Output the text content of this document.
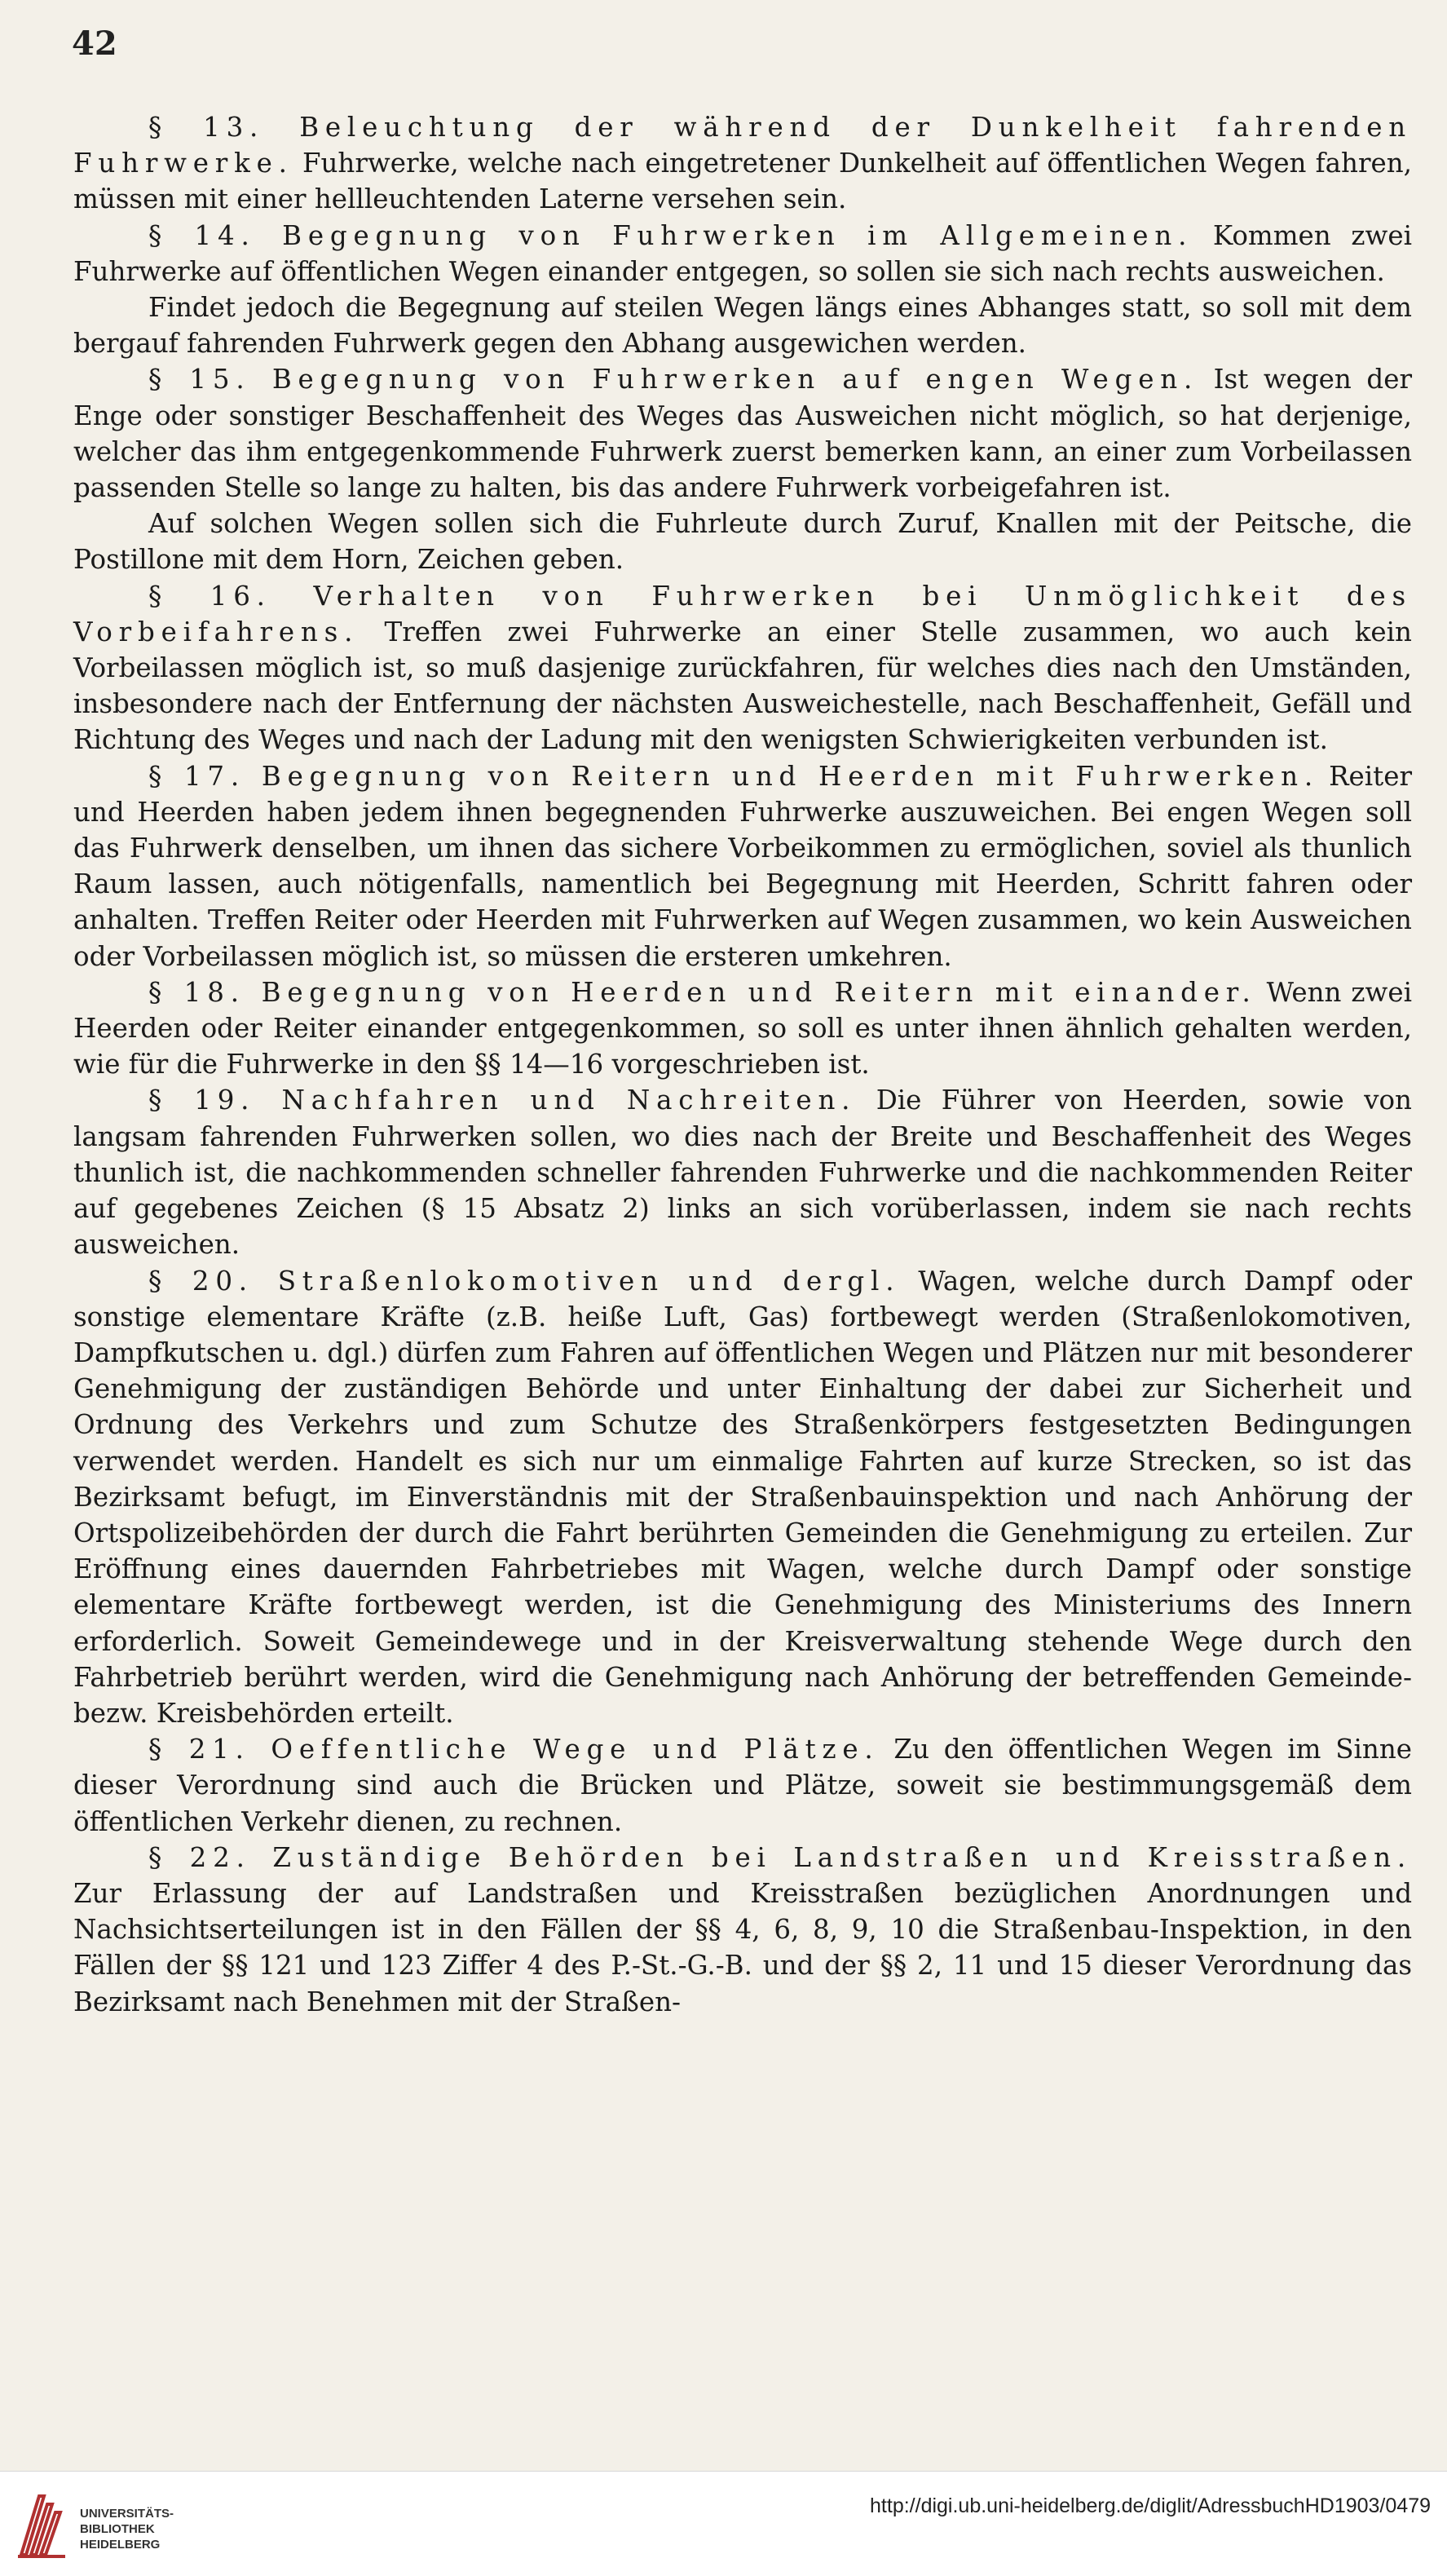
42

§ 13. Beleuchtung der während der Dunkelheit fahrenden Fuhrwerke. Fuhrwerke, welche nach eingetretener Dunkelheit auf öffentlichen Wegen fahren, müssen mit einer hellleuchtenden Laterne versehen sein.

§ 14. Begegnung von Fuhrwerken im Allgemeinen. Kommen zwei Fuhrwerke auf öffentlichen Wegen einander entgegen, so sollen sie sich nach rechts ausweichen.

Findet jedoch die Begegnung auf steilen Wegen längs eines Abhanges statt, so soll mit dem bergauf fahrenden Fuhrwerk gegen den Abhang ausgewichen werden.

§ 15. Begegnung von Fuhrwerken auf engen Wegen. Ist wegen der Enge oder sonstiger Beschaffenheit des Weges das Ausweichen nicht möglich, so hat derjenige, welcher das ihm entgegenkommende Fuhrwerk zuerst bemerken kann, an einer zum Vorbeilassen passenden Stelle so lange zu halten, bis das andere Fuhrwerk vorbeigefahren ist.

Auf solchen Wegen sollen sich die Fuhrleute durch Zuruf, Knallen mit der Peitsche, die Postillone mit dem Horn, Zeichen geben.

§ 16. Verhalten von Fuhrwerken bei Unmöglichkeit des Vorbeifahrens. Treffen zwei Fuhrwerke an einer Stelle zusammen, wo auch kein Vorbeilassen möglich ist, so muß dasjenige zurückfahren, für welches dies nach den Umständen, insbesondere nach der Entfernung der nächsten Ausweichestelle, nach Beschaffenheit, Gefäll und Richtung des Weges und nach der Ladung mit den wenigsten Schwierigkeiten verbunden ist.

§ 17. Begegnung von Reitern und Heerden mit Fuhrwerken. Reiter und Heerden haben jedem ihnen begegnenden Fuhrwerke auszuweichen. Bei engen Wegen soll das Fuhrwerk denselben, um ihnen das sichere Vorbeikommen zu ermöglichen, soviel als thunlich Raum lassen, auch nötigenfalls, namentlich bei Begegnung mit Heerden, Schritt fahren oder anhalten. Treffen Reiter oder Heerden mit Fuhrwerken auf Wegen zusammen, wo kein Ausweichen oder Vorbeilassen möglich ist, so müssen die ersteren umkehren.

§ 18. Begegnung von Heerden und Reitern mit einander. Wenn zwei Heerden oder Reiter einander entgegenkommen, so soll es unter ihnen ähnlich gehalten werden, wie für die Fuhrwerke in den §§ 14—16 vorgeschrieben ist.

§ 19. Nachfahren und Nachreiten. Die Führer von Heerden, sowie von langsam fahrenden Fuhrwerken sollen, wo dies nach der Breite und Beschaffenheit des Weges thunlich ist, die nachkommenden schneller fahrenden Fuhrwerke und die nachkommenden Reiter auf gegebenes Zeichen (§ 15 Absatz 2) links an sich vorüberlassen, indem sie nach rechts ausweichen.

§ 20. Straßenlokomotiven und dergl. Wagen, welche durch Dampf oder sonstige elementare Kräfte (z.B. heiße Luft, Gas) fortbewegt werden (Straßenlokomotiven, Dampfkutschen u. dgl.) dürfen zum Fahren auf öffentlichen Wegen und Plätzen nur mit besonderer Genehmigung der zuständigen Behörde und unter Einhaltung der dabei zur Sicherheit und Ordnung des Verkehrs und zum Schutze des Straßenkörpers festgesetzten Bedingungen verwendet werden. Handelt es sich nur um einmalige Fahrten auf kurze Strecken, so ist das Bezirksamt befugt, im Einverständnis mit der Straßenbauinspektion und nach Anhörung der Ortspolizeibehörden der durch die Fahrt berührten Gemeinden die Genehmigung zu erteilen. Zur Eröffnung eines dauernden Fahrbetriebes mit Wagen, welche durch Dampf oder sonstige elementare Kräfte fortbewegt werden, ist die Genehmigung des Ministeriums des Innern erforderlich. Soweit Gemeindewege und in der Kreisverwaltung stehende Wege durch den Fahrbetrieb berührt werden, wird die Genehmigung nach Anhörung der betreffenden Gemeinde- bezw. Kreisbehörden erteilt.

§ 21. Oeffentliche Wege und Plätze. Zu den öffentlichen Wegen im Sinne dieser Verordnung sind auch die Brücken und Plätze, soweit sie bestimmungsgemäß dem öffentlichen Verkehr dienen, zu rechnen.

§ 22. Zuständige Behörden bei Landstraßen und Kreisstraßen. Zur Erlassung der auf Landstraßen und Kreisstraßen bezüglichen Anordnungen und Nachsichtserteilungen ist in den Fällen der §§ 4, 6, 8, 9, 10 die Straßenbau-Inspektion, in den Fällen der §§ 121 und 123 Ziffer 4 des P.-St.-G.-B. und der §§ 2, 11 und 15 dieser Verordnung das Bezirksamt nach Benehmen mit der Straßen-

UNIVERSITÄTS-
BIBLIOTHEK
HEIDELBERG
http://digi.ub.uni-heidelberg.de/diglit/AdressbuchHD1903/0479
